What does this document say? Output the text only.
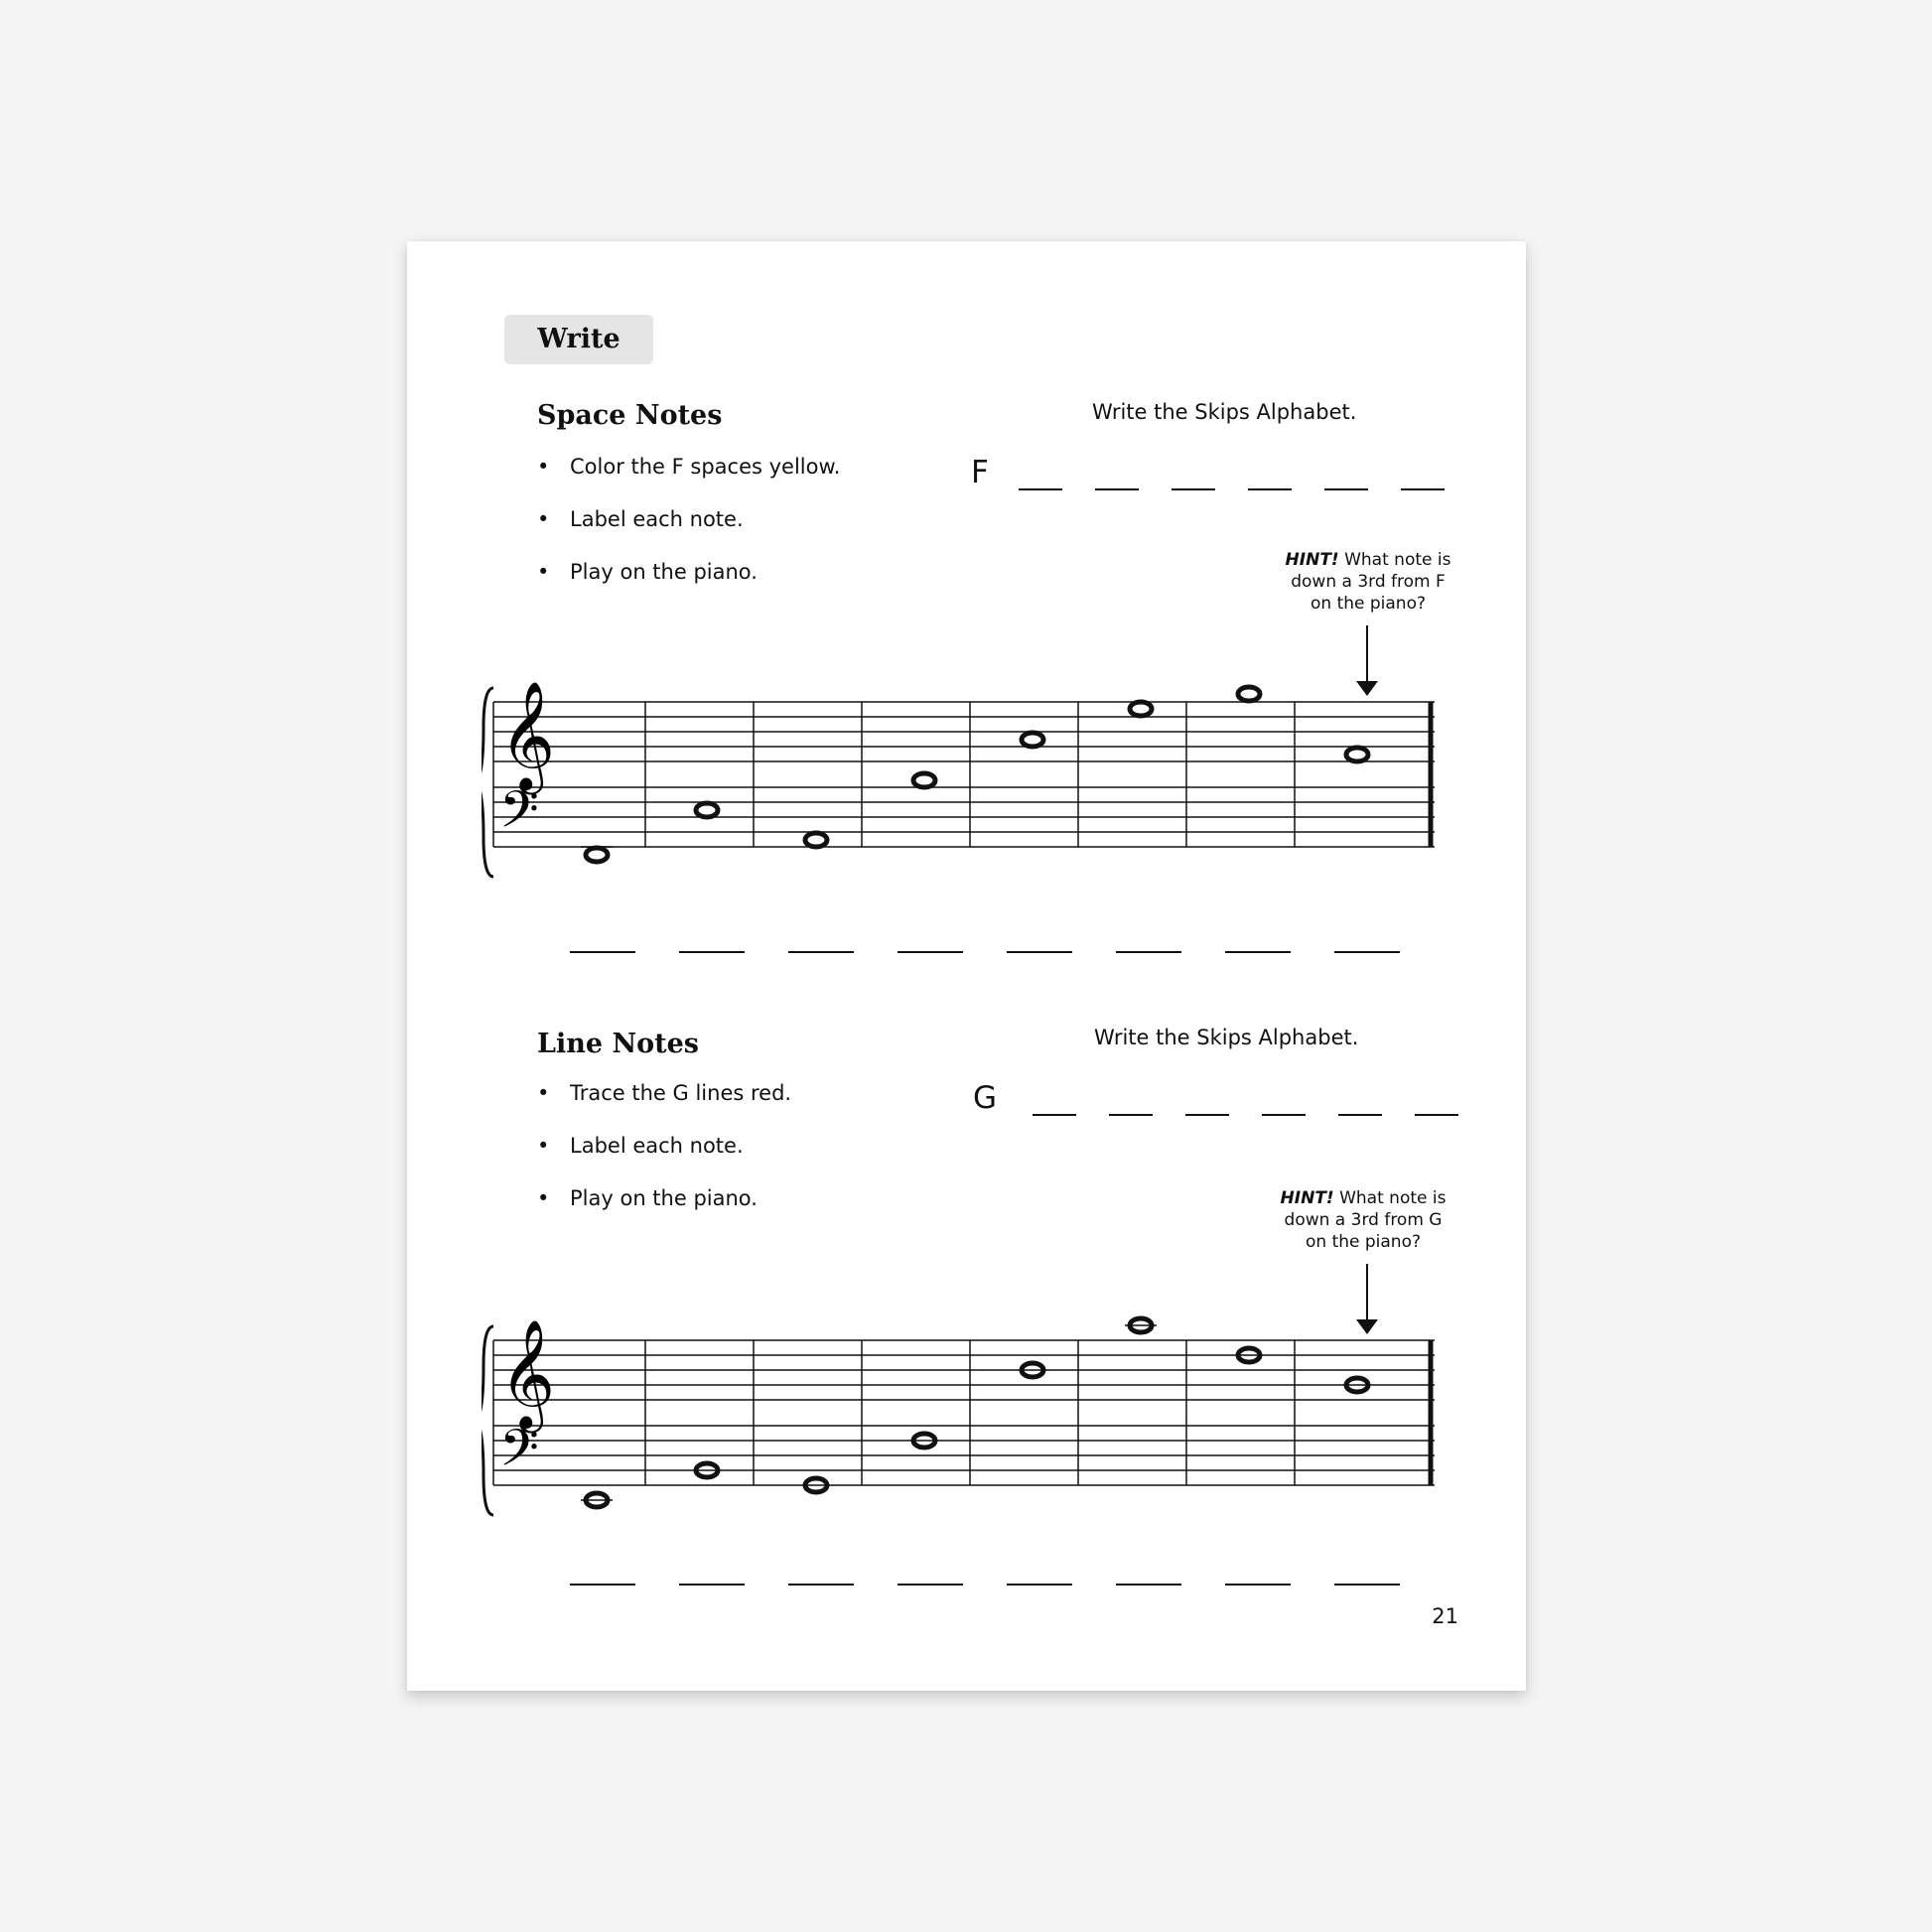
Write
Space Notes
• Color the F spaces yellow.
• Label each note.
• Play on the piano.
Write the Skips Alphabet.
F
HINT! What note is
down a 3rd from F
on the piano?
𝄞
𝄢
Line Notes
• Trace the G lines red.
• Label each note.
• Play on the piano.
Write the Skips Alphabet.
G
HINT! What note is
down a 3rd from G
on the piano?
𝄞
𝄢
21
